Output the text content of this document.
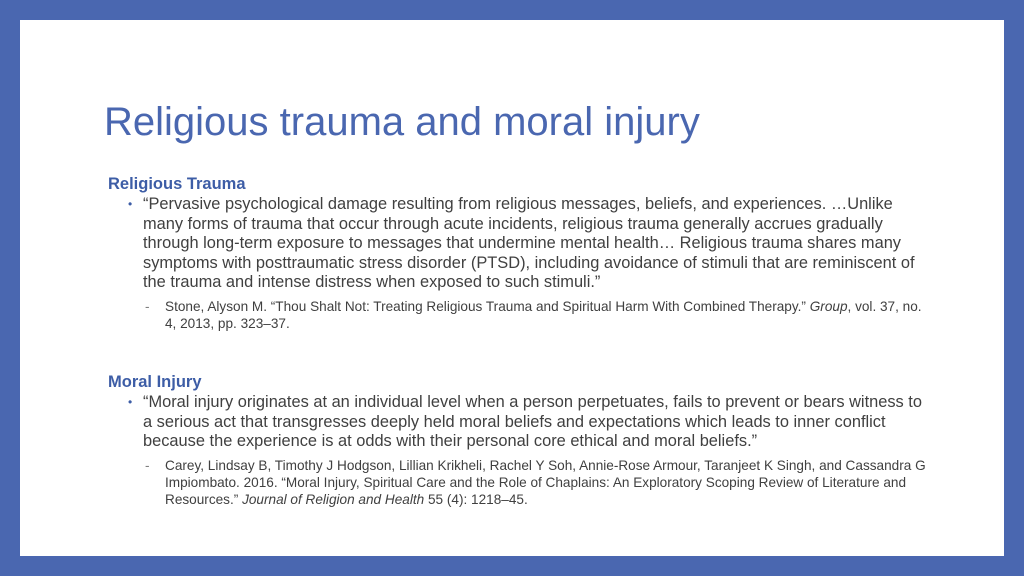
Religious trauma and moral injury

Religious Trauma

• “Pervasive psychological damage resulting from religious messages, beliefs, and experiences. …Unlike many forms of trauma that occur through acute incidents, religious trauma generally accrues gradually through long-term exposure to messages that undermine mental health… Religious trauma shares many symptoms with posttraumatic stress disorder (PTSD), including avoidance of stimuli that are reminiscent of the trauma and intense distress when exposed to such stimuli.”
- Stone, Alyson M. “Thou Shalt Not: Treating Religious Trauma and Spiritual Harm With Combined Therapy.” Group, vol. 37, no. 4, 2013, pp. 323–37.

Moral Injury

• “Moral injury originates at an individual level when a person perpetuates, fails to prevent or bears witness to a serious act that transgresses deeply held moral beliefs and expectations which leads to inner conflict because the experience is at odds with their personal core ethical and moral beliefs.”
- Carey, Lindsay B, Timothy J Hodgson, Lillian Krikheli, Rachel Y Soh, Annie-Rose Armour, Taranjeet K Singh, and Cassandra G Impiombato. 2016. “Moral Injury, Spiritual Care and the Role of Chaplains: An Exploratory Scoping Review of Literature and Resources.” Journal of Religion and Health 55 (4): 1218–45.
